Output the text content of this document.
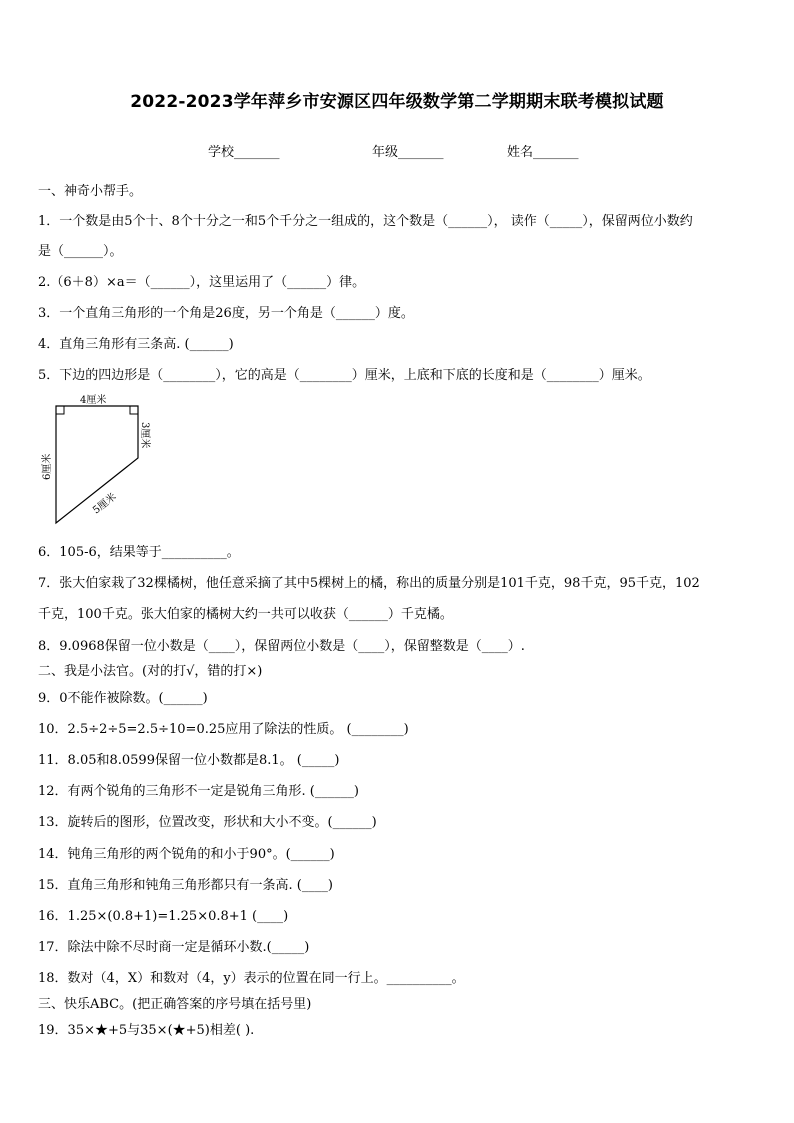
2022-2023学年萍乡市安源区四年级数学第二学期期末联考模拟试题
学校_______	年级_______	姓名_______
一、神奇小帮手。
1．一个数是由5个十、8个十分之一和5个千分之一组成的，这个数是（______）， 读作（_____），保留两位小数约
是（______）。
2.（6＋8）×a＝（______），这里运用了（______）律。
3．一个直角三角形的一个角是26度，另一个角是（______）度。
4．直角三角形有三条高. (______)
5．下边的四边形是（________），它的高是（________）厘米，上底和下底的长度和是（________）厘米。
4厘米
6厘米
3厘米
5厘米
6．105-6，结果等于__________。
7．张大伯家栽了32棵橘树，他任意采摘了其中5棵树上的橘，称出的质量分别是101千克，98千克，95千克，102
千克，100千克。张大伯家的橘树大约一共可以收获（______）千克橘。
8．9.0968保留一位小数是（____），保留两位小数是（____），保留整数是（____）.
二、我是小法官。(对的打√，错的打×)
9．0不能作被除数。(______)
10．2.5÷2÷5=2.5÷10=0.25应用了除法的性质。 (________)
11．8.05和8.0599保留一位小数都是8.1。 (_____)
12．有两个锐角的三角形不一定是锐角三角形. (______)
13．旋转后的图形，位置改变，形状和大小不变。(______)
14．钝角三角形的两个锐角的和小于90°。(______)
15．直角三角形和钝角三角形都只有一条高. (____)
16．1.25×(0.8+1)=1.25×0.8+1 (____)
17．除法中除不尽时商一定是循环小数.(_____)
18．数对（4，X）和数对（4，y）表示的位置在同一行上。__________。
三、快乐ABC。(把正确答案的序号填在括号里)
19．35×★+5与35×(★+5)相差( ).
